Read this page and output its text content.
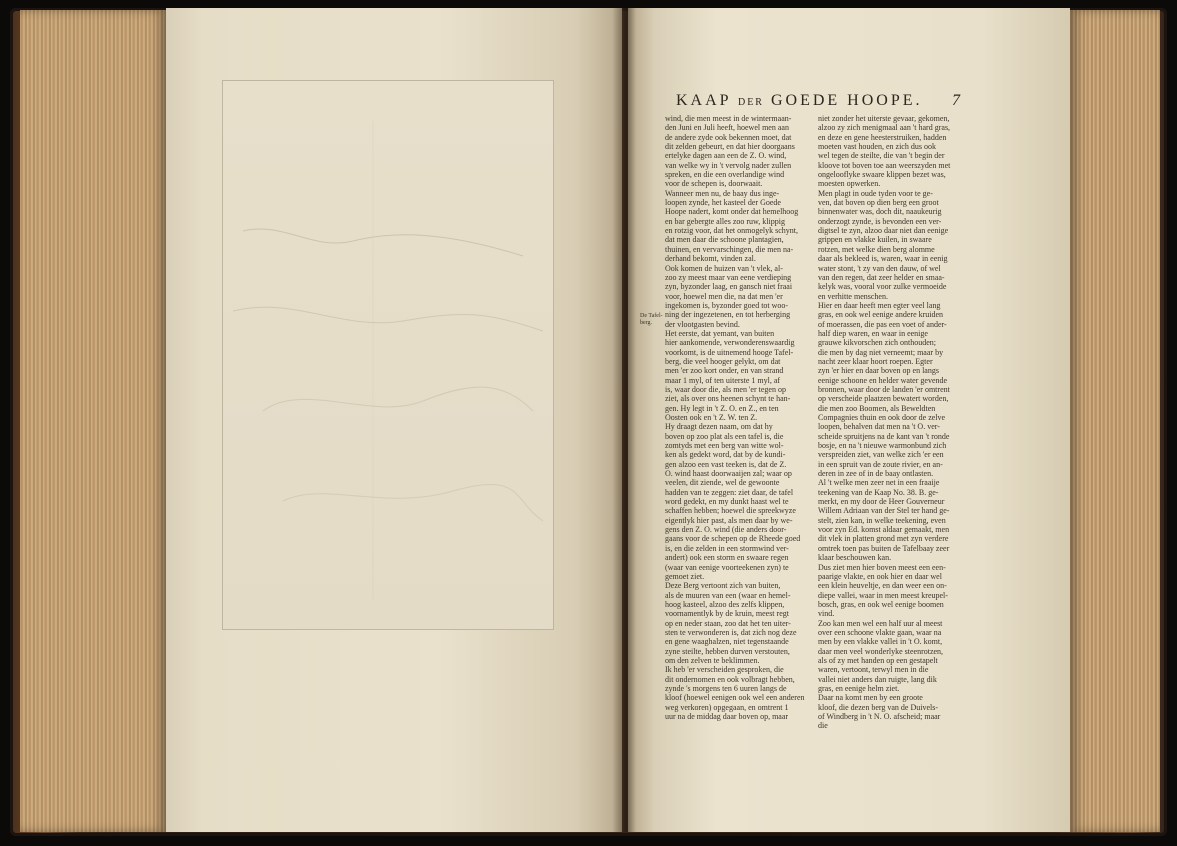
KAAP DER GOEDE HOOPE.	7
De Tafel-berg.
wind, die men meest in de wintermaan-
den Juni en Juli heeft, hoewel men aan
de andere zyde ook bekennen moet, dat
dit zelden gebeurt, en dat hier doorgaans
ertelyke dagen aan een de Z. O. wind,
van welke wy in 't vervolg nader zullen
spreken, en die een overlandige wind
voor de schepen is, doorwaait.
Wanneer men nu, de baay dus inge-
loopen zynde, het kasteel der Goede
Hoope nadert, komt onder dat hemelhoog
en bar gebergte alles zoo ruw, klippig
en rotzig voor, dat het onmogelyk schynt,
dat men daar die schoone plantagien,
thuinen, en vervarschingen, die men na-
derhand bekomt, vinden zal.
Ook komen de huizen van 't vlek, al-
zoo zy meest maar van eene verdieping
zyn, byzonder laag, en gansch niet fraai
voor, hoewel men die, na dat men 'er
ingekomen is, byzonder goed tot woo-
ning der ingezetenen, en tot herberging
der vlootgasten bevind.
Het eerste, dat yemant, van buiten
hier aankomende, verwonderenswaardig
voorkomt, is de uitnemend hooge Tafel-
berg, die veel hooger gelykt, om dat
men 'er zoo kort onder, en van strand
maar 1 myl, of ten uiterste 1 myl, af
is, waar door die, als men 'er tegen op
ziet, als over ons heenen schynt te han-
gen. Hy legt in 't Z. O. en Z., en ten
Oosten ook en 't Z. W. ten Z.
Hy draagt dezen naam, om dat hy
boven op zoo plat als een tafel is, die
zomtyds met een berg van witte wol-
ken als gedekt word, dat by de kundi-
gen alzoo een vast teeken is, dat de Z.
O. wind haast doorwaaijen zal; waar op
veelen, dit ziende, wel de gewoonte
hadden van te zeggen: ziet daar, de tafel
word gedekt, en my dunkt haast wel te
schaffen hebben; hoewel die spreekwyze
eigentlyk hier past, als men daar by we-
gens den Z. O. wind (die anders door-
gaans voor de schepen op de Rheede goed
is, en die zelden in een stormwind ver-
andert) ook een storm en swaare regen
(waar van eenige voorteekenen zyn) te
gemoet ziet.
Deze Berg vertoont zich van buiten,
als de muuren van een (waar en hemel-
hoog kasteel, alzoo des zelfs klippen,
voornamentlyk by de kruin, meest regt
op en neder staan, zoo dat het ten uiter-
sten te verwonderen is, dat zich nog deze
en gene waaghalzen, niet tegenstaande
zyne steilte, hebben durven verstouten,
om den zelven te beklimmen.
Ik heb 'er verscheiden gesproken, die
dit ondernomen en ook volbragt hebben,
zynde 's morgens ten 6 uuren langs de
kloof (hoewel eenigen ook wel een anderen
weg verkoren) opgegaan, en omtrent 1
uur na de middag daar boven op, maar
niet zonder het uiterste gevaar, gekomen,
alzoo zy zich menigmaal aan 't hard gras,
en deze en gene heesterstruiken, hadden
moeten vast houden, en zich dus ook
wel tegen de steilte, die van 't begin der
kloove tot boven toe aan weerszyden met
ongelooflyke swaare klippen bezet was,
moesten opwerken.
Men plagt in oude tyden voor te ge-
ven, dat boven op dien berg een groot
binnenwater was, doch dit, naaukeurig
onderzogt zynde, is bevonden een ver-
digtsel te zyn, alzoo daar niet dan eenige
grippen en vlakke kuilen, in swaare
rotzen, met welke dien berg alomme
daar als bekleed is, waren, waar in eenig
water stont, 't zy van den dauw, of wel
van den regen, dat zeer helder en smaa-
kelyk was, vooral voor zulke vermoeide
en verhitte menschen.
Hier en daar heeft men egter veel lang
gras, en ook wel eenige andere kruiden
of moerassen, die pas een voet of ander-
half diep waren, en waar in eenige
grauwe kikvorschen zich onthouden;
die men by dag niet verneemt; maar by
nacht zeer klaar hoort roepen. Egter
zyn 'er hier en daar boven op en langs
eenige schoone en helder water gevende
bronnen, waar door de landen 'er omtrent
op verscheide plaatzen bewatert worden,
die men zoo Boomen, als Beweldten
Compagnies thuin en ook door de zelve
loopen, behalven dat men na 't O. ver-
scheide spruitjens na de kant van 't ronde
bosje, en na 't nieuwe warmonbund zich
verspreiden ziet, van welke zich 'er een
in een spruit van de zoute rivier, en an-
deren in zee of in de baay ontlasten.
Al 't welke men zeer net in een fraaije
teekening van de Kaap No. 38. B. ge-
merkt, en my door de Heer Gouverneur
Willem Adriaan van der Stel ter hand ge-
stelt, zien kan, in welke teekening, even
voor zyn Ed. komst aldaar gemaakt, men
dit vlek in platten grond met zyn verdere
omtrek toen pas buiten de Tafelbaay zeer
klaar beschouwen kan.
Dus ziet men hier boven meest een een-
paarige vlakte, en ook hier en daar wel
een klein heuveltje, en dan weer een on-
diepe vallei, waar in men meest kreupel-
bosch, gras, en ook wel eenige boomen
vind.
Zoo kan men wel een half uur al meest
over een schoone vlakte gaan, waar na
men by een vlakke vallei in 't O. komt,
daar men veel wonderlyke steenrotzen,
als of zy met handen op een gestapelt
waren, vertoont, terwyl men in die
vallei niet anders dan ruigte, lang dik
gras, en eenige helm ziet.
Daar na komt men by een groote
kloof, die dezen berg van de Duivels-
of Windberg in 't N. O. afscheid; maar
die
